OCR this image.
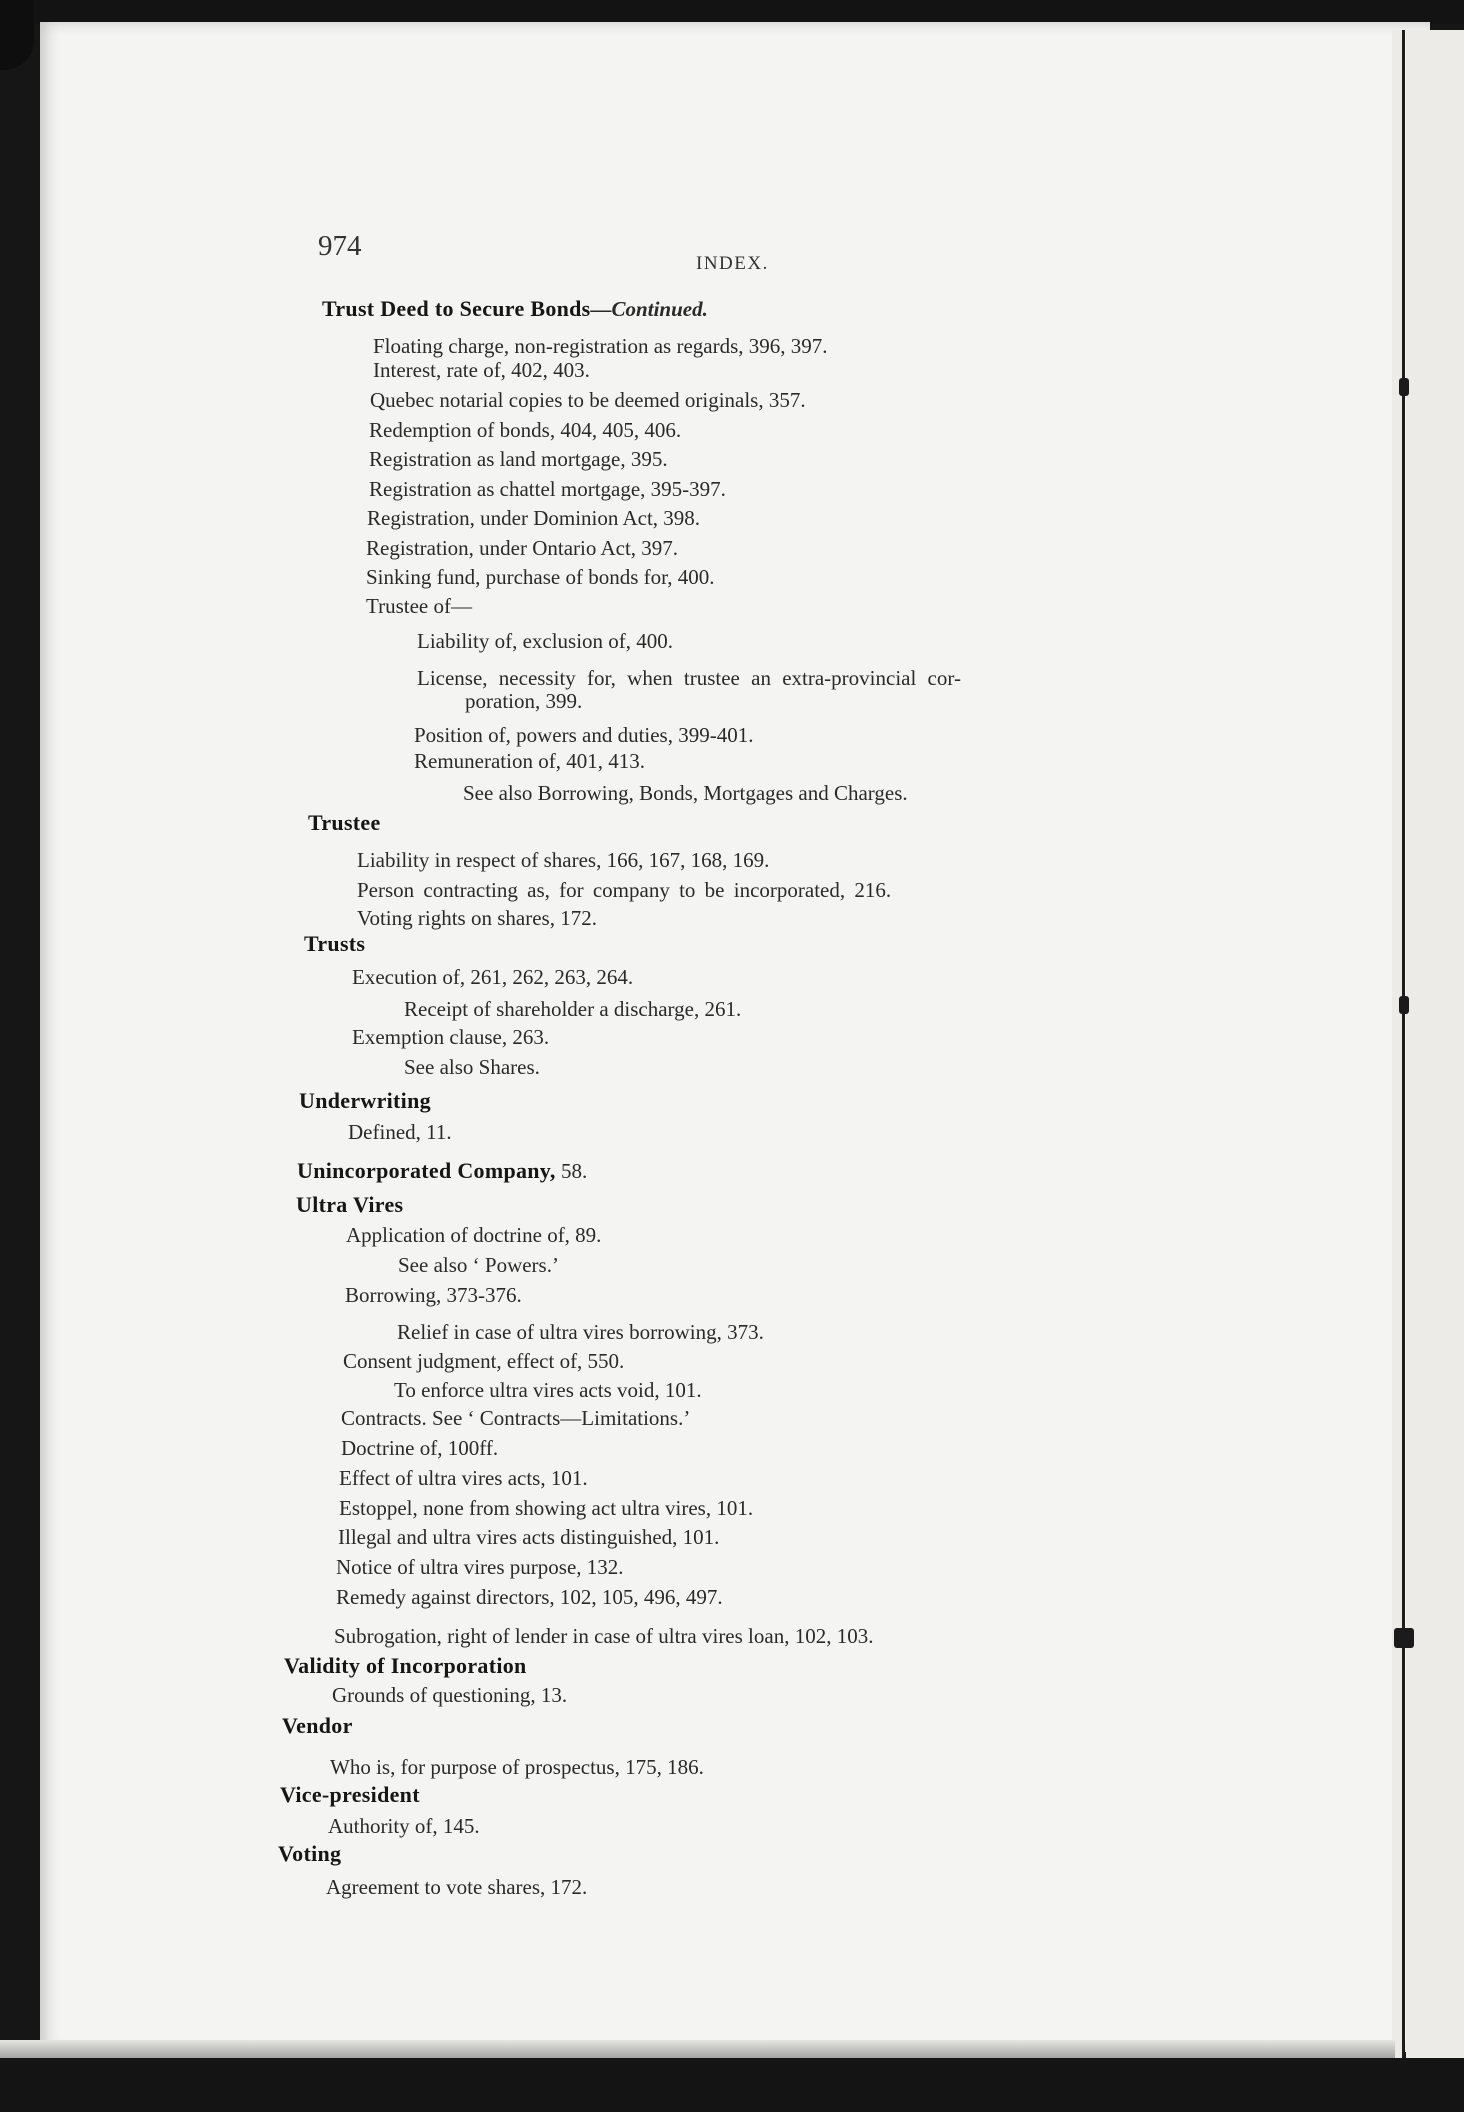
974
INDEX.
Trust Deed to Secure Bonds—Continued.
Floating charge, non-registration as regards, 396, 397.
Interest, rate of, 402, 403.
Quebec notarial copies to be deemed originals, 357.
Redemption of bonds, 404, 405, 406.
Registration as land mortgage, 395.
Registration as chattel mortgage, 395-397.
Registration, under Dominion Act, 398.
Registration, under Ontario Act, 397.
Sinking fund, purchase of bonds for, 400.
Trustee of—
Liability of, exclusion of, 400.
License, necessity for, when trustee an extra-provincial cor-
poration, 399.
Position of, powers and duties, 399-401.
Remuneration of, 401, 413.
See also Borrowing, Bonds, Mortgages and Charges.
Trustee
Liability in respect of shares, 166, 167, 168, 169.
Person contracting as, for company to be incorporated, 216.
Voting rights on shares, 172.
Trusts
Execution of, 261, 262, 263, 264.
Receipt of shareholder a discharge, 261.
Exemption clause, 263.
See also Shares.
Underwriting
Defined, 11.
Unincorporated Company, 58.
Ultra Vires
Application of doctrine of, 89.
See also ‘ Powers.’
Borrowing, 373-376.
Relief in case of ultra vires borrowing, 373.
Consent judgment, effect of, 550.
To enforce ultra vires acts void, 101.
Contracts. See ‘ Contracts—Limitations.’
Doctrine of, 100ff.
Effect of ultra vires acts, 101.
Estoppel, none from showing act ultra vires, 101.
Illegal and ultra vires acts distinguished, 101.
Notice of ultra vires purpose, 132.
Remedy against directors, 102, 105, 496, 497.
Subrogation, right of lender in case of ultra vires loan, 102, 103.
Validity of Incorporation
Grounds of questioning, 13.
Vendor
Who is, for purpose of prospectus, 175, 186.
Vice-president
Authority of, 145.
Voting
Agreement to vote shares, 172.
